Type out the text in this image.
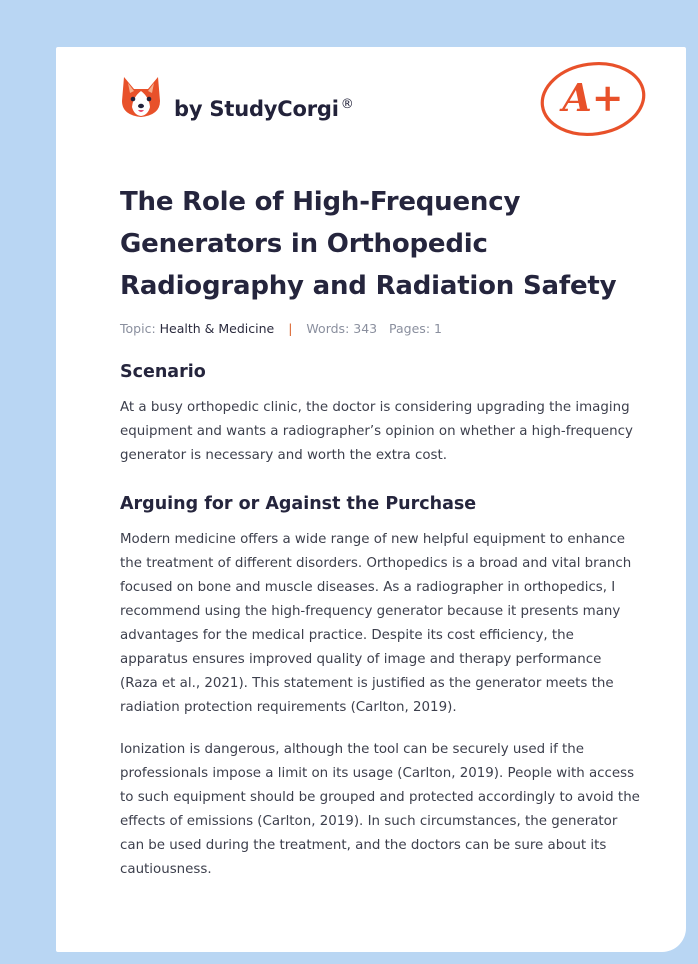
by StudyCorgi ®	A+
The Role of High-Frequency Generators in Orthopedic Radiography and Radiation Safety
Topic: Health & Medicine | Words: 343 Pages: 1
Scenario

At a busy orthopedic clinic, the doctor is considering upgrading the imaging equipment and wants a radiographer’s opinion on whether a high-frequency generator is necessary and worth the extra cost.

Arguing for or Against the Purchase

Modern medicine offers a wide range of new helpful equipment to enhance the treatment of different disorders. Orthopedics is a broad and vital branch focused on bone and muscle diseases. As a radiographer in orthopedics, I recommend using the high-frequency generator because it presents many advantages for the medical practice. Despite its cost efficiency, the apparatus ensures improved quality of image and therapy performance (Raza et al., 2021). This statement is justified as the generator meets the radiation protection requirements (Carlton, 2019).

Ionization is dangerous, although the tool can be securely used if the professionals impose a limit on its usage (Carlton, 2019). People with access to such equipment should be grouped and protected accordingly to avoid the effects of emissions (Carlton, 2019). In such circumstances, the generator can be used during the treatment, and the doctors can be sure about its cautiousness.
